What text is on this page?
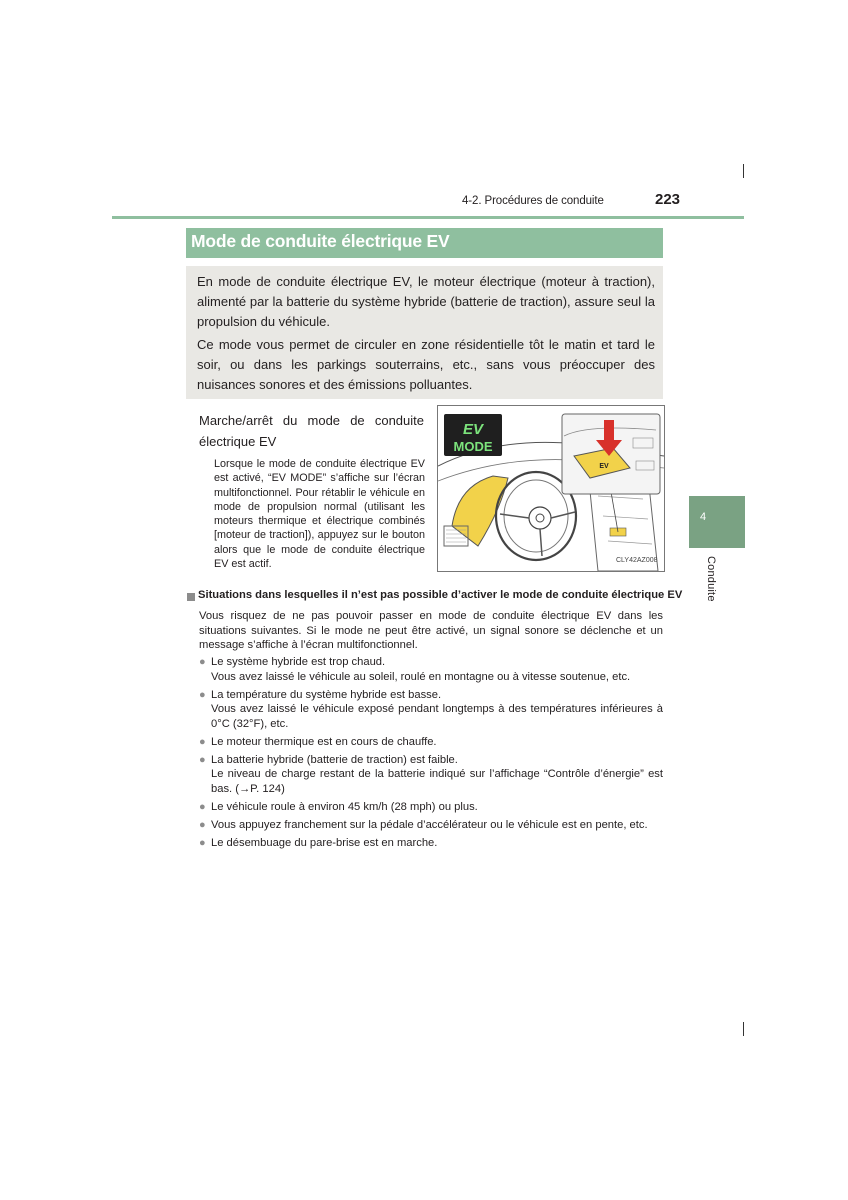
4-2. Procédures de conduite	223
4
Conduite
Mode de conduite électrique EV
En mode de conduite électrique EV, le moteur électrique (moteur à traction), alimenté par la batterie du système hybride (batterie de traction), assure seul la propulsion du véhicule.
Ce mode vous permet de circuler en zone résidentielle tôt le matin et tard le soir, ou dans les parkings souterrains, etc., sans vous préoccuper des nuisances sonores et des émissions polluantes.
Marche/arrêt du mode de conduite électrique EV
Lorsque le mode de conduite électrique EV est activé, “EV MODE” s’affiche sur l’écran multifonctionnel. Pour rétablir le véhicule en mode de propulsion normal (utilisant les moteurs thermique et électrique combinés [moteur de traction]), appuyez sur le bouton alors que le mode de conduite électrique EV est actif.
EV
MODE
EV
CLY42AZ008
Situations dans lesquelles il n’est pas possible d’activer le mode de conduite électrique EV
Vous risquez de ne pas pouvoir passer en mode de conduite électrique EV dans les situations suivantes. Si le mode ne peut être activé, un signal sonore se déclenche et un message s’affiche à l’écran multifonctionnel.
● Le système hybride est trop chaud.
Vous avez laissé le véhicule au soleil, roulé en montagne ou à vitesse soutenue, etc.
● La température du système hybride est basse.
Vous avez laissé le véhicule exposé pendant longtemps à des températures inférieures à 0°C (32°F), etc.
● Le moteur thermique est en cours de chauffe.
● La batterie hybride (batterie de traction) est faible.
Le niveau de charge restant de la batterie indiqué sur l’affichage “Contrôle d’énergie” est bas. (→P. 124)
● Le véhicule roule à environ 45 km/h (28 mph) ou plus.
● Vous appuyez franchement sur la pédale d’accélérateur ou le véhicule est en pente, etc.
● Le désembuage du pare-brise est en marche.
